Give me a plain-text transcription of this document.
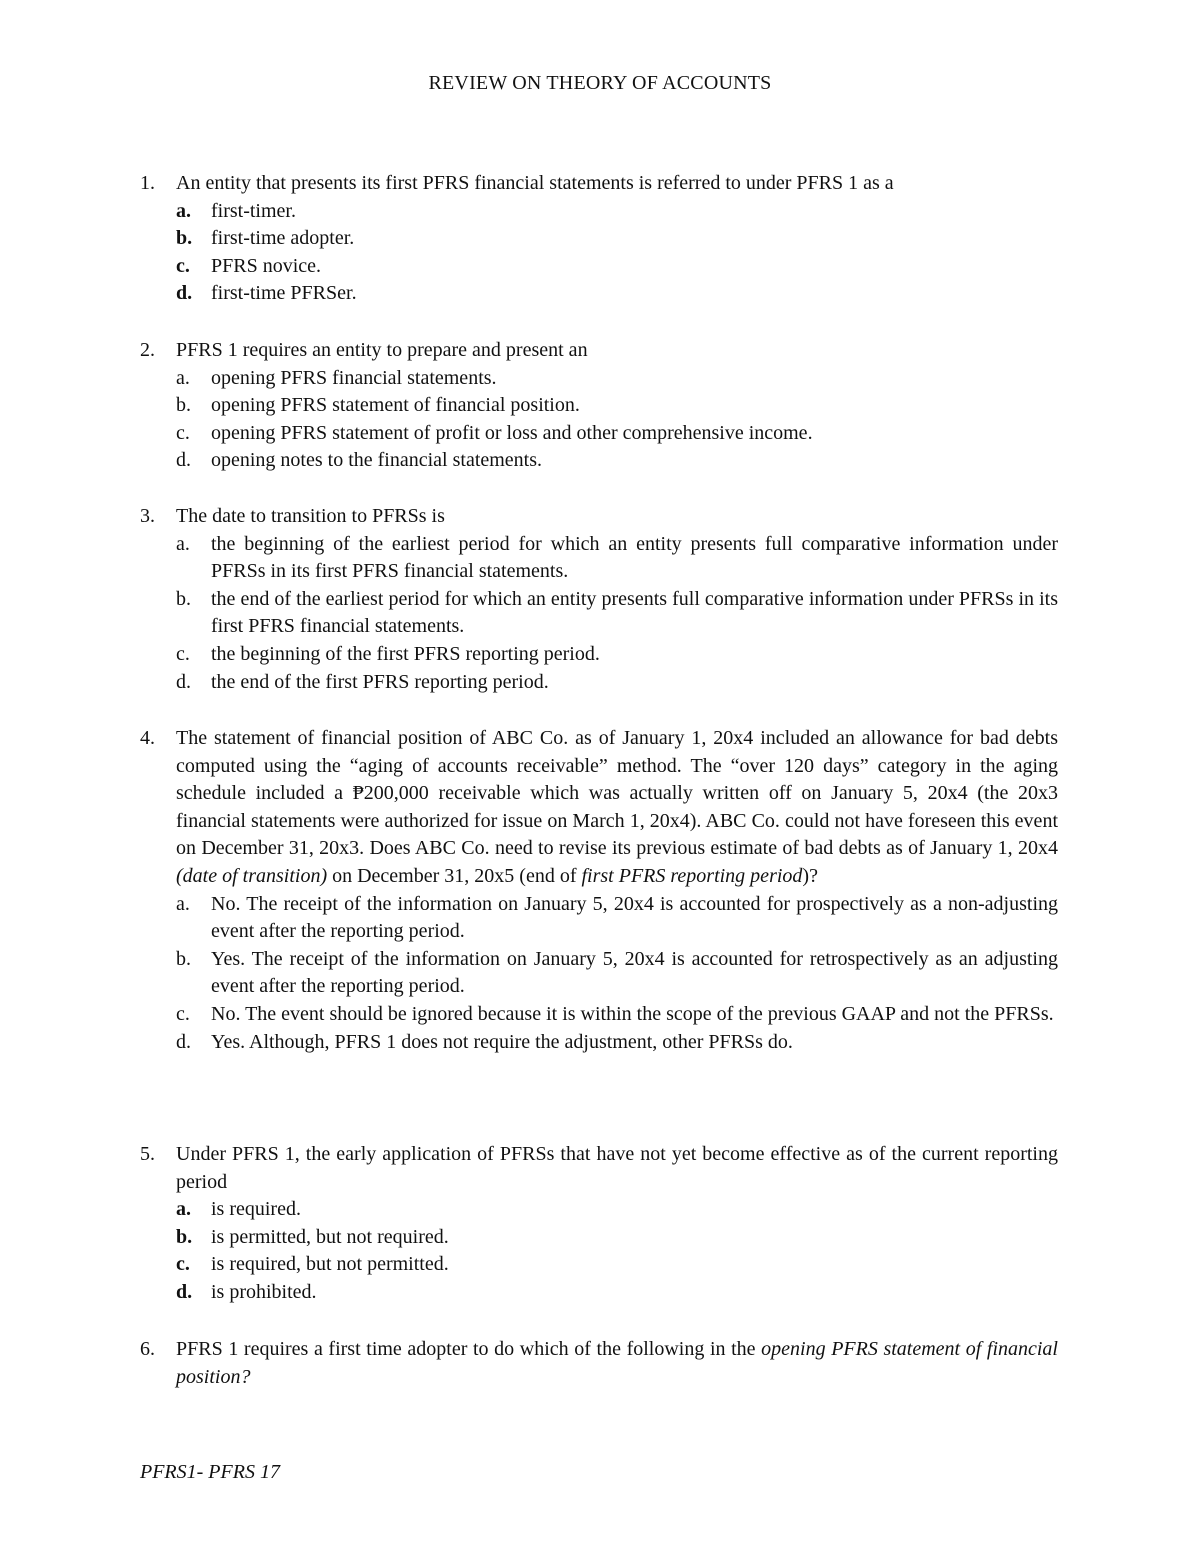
REVIEW ON THEORY OF ACCOUNTS
1. An entity that presents its first PFRS financial statements is referred to under PFRS 1 as a
a. first-timer.
b. first-time adopter.
c. PFRS novice.
d. first-time PFRSer.
2. PFRS 1 requires an entity to prepare and present an
a. opening PFRS financial statements.
b. opening PFRS statement of financial position.
c. opening PFRS statement of profit or loss and other comprehensive income.
d. opening notes to the financial statements.
3. The date to transition to PFRSs is
a. the beginning of the earliest period for which an entity presents full comparative information under PFRSs in its first PFRS financial statements.
b. the end of the earliest period for which an entity presents full comparative information under PFRSs in its first PFRS financial statements.
c. the beginning of the first PFRS reporting period.
d. the end of the first PFRS reporting period.
4. The statement of financial position of ABC Co. as of January 1, 20x4 included an allowance for bad debts computed using the “aging of accounts receivable” method. The “over 120 days” category in the aging schedule included a ₱200,000 receivable which was actually written off on January 5, 20x4 (the 20x3 financial statements were authorized for issue on March 1, 20x4). ABC Co. could not have foreseen this event on December 31, 20x3. Does ABC Co. need to revise its previous estimate of bad debts as of January 1, 20x4 (date of transition) on December 31, 20x5 (end of first PFRS reporting period)?
a. No. The receipt of the information on January 5, 20x4 is accounted for prospectively as a non-adjusting event after the reporting period.
b. Yes. The receipt of the information on January 5, 20x4 is accounted for retrospectively as an adjusting event after the reporting period.
c. No. The event should be ignored because it is within the scope of the previous GAAP and not the PFRSs.
d. Yes. Although, PFRS 1 does not require the adjustment, other PFRSs do.
5. Under PFRS 1, the early application of PFRSs that have not yet become effective as of the current reporting period
a. is required.
b. is permitted, but not required.
c. is required, but not permitted.
d. is prohibited.
6. PFRS 1 requires a first time adopter to do which of the following in the opening PFRS statement of financial position?
PFRS1- PFRS 17
